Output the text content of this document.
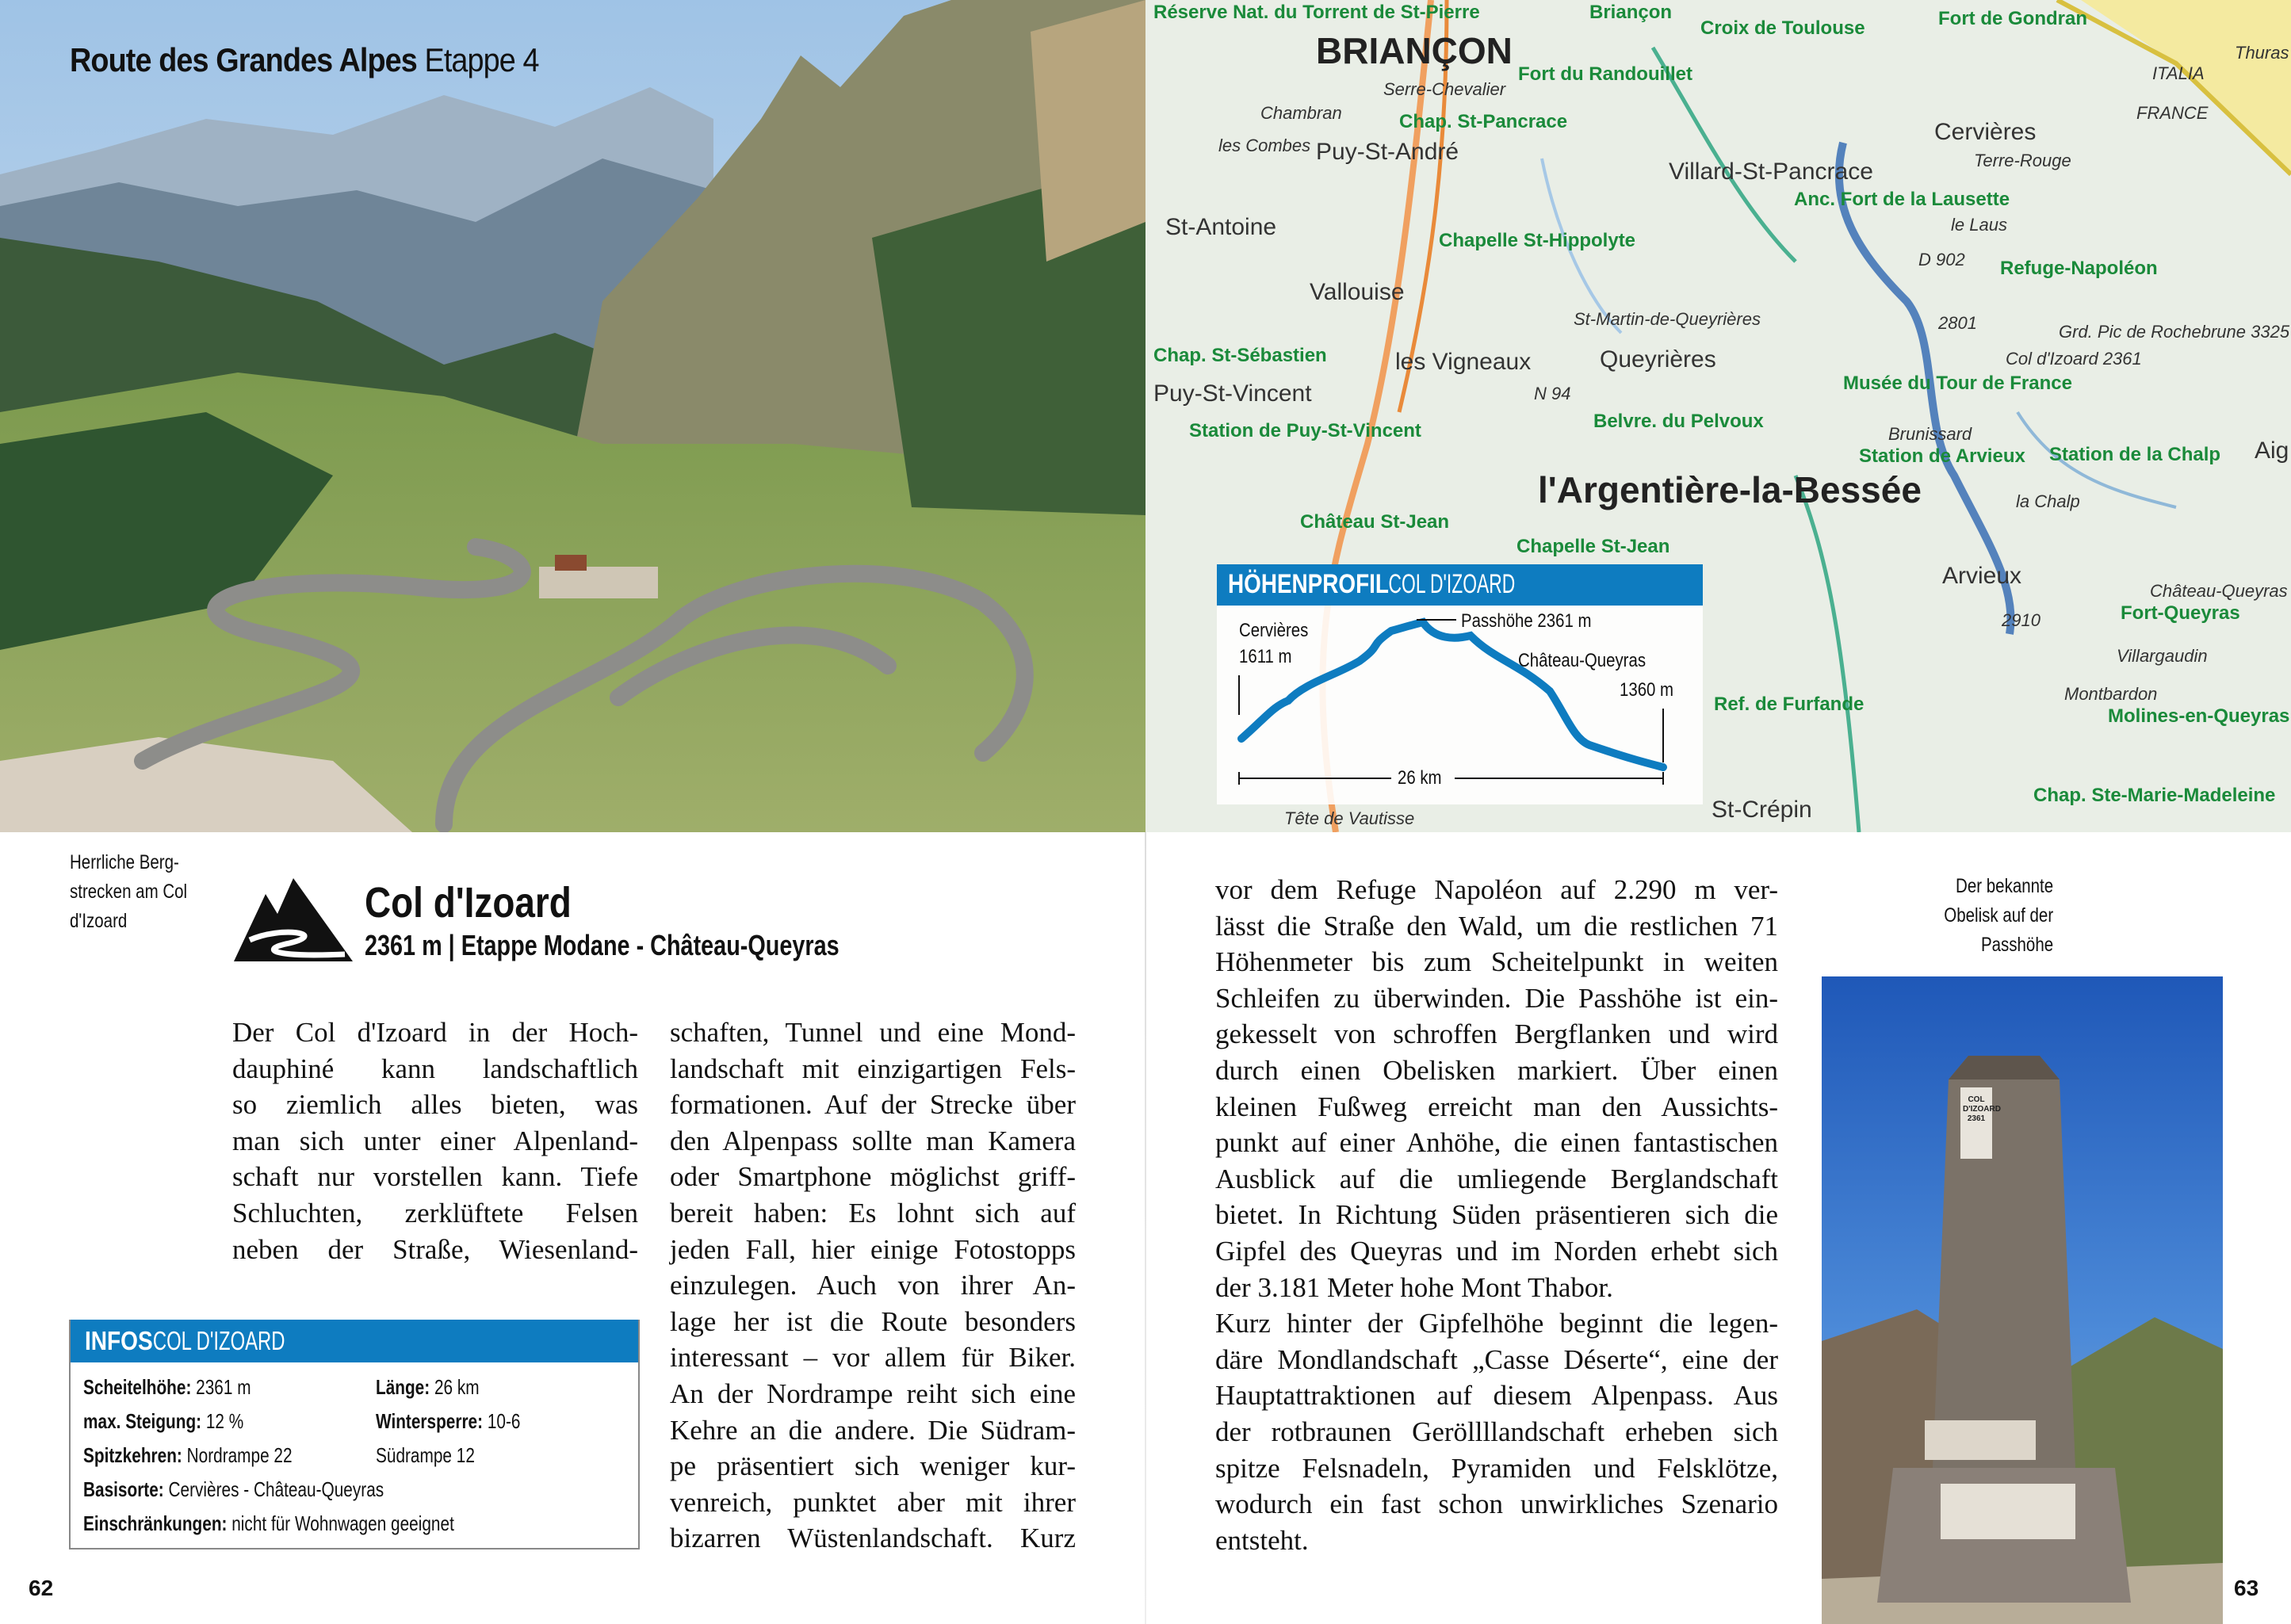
Route des Grandes Alpes Etappe 4	BRIANÇON
Briançon
Serre-Chevalier
Réserve Nat. du Torrent de St-Pierre
Chambran
Puy-St-André
les Combes
Chap. St-Pancrace
Croix de Toulouse
Fort du Randouillet
Fort de Gondran
Cervières
Terre-Rouge
Villard-St-Pancrace
Anc. Fort de la Lausette
St-Antoine
Vallouise
Chapelle St-Hippolyte
St-Martin-de-Queyrières
Queyrières
les Vigneaux
Chap. St-Sébastien
Puy-St-Vincent
Station de Puy-St-Vincent	Belvre. du Pelvoux
l'Argentière-la-Bessée
Château St-Jean
Chapelle St-Jean
Refuge-Napoléon
Col d'Izoard 2361
Musée du Tour de France
Grd. Pic de Rochebrune 3325
Station de la Chalp
Station de Arvieux
Arvieux
Fort-Queyras
Château-Queyras
Molines-en-Queyras
Chap. Ste-Marie-Madeleine
Ref. de Furfande
ITALIA
FRANCE
D 902
N 94
Montbardon
Villargaudin
Brunissard
la Chalp
Thuras
Aig
Tête de Vautisse	St-Crépin
2801
2910
le Laus
HÖHENPROFILCOL D'IZOARD
Cervières
1611 m
Passhöhe 2361 m
Château-Queyras
1360 m
26 km
Herrliche Berg-
strecken am Col
d'Izoard	Col d'Izoard
2361 m | Etappe Modane - Château-Queyras
Der Col d'Izoard in der Hoch-
dauphiné kann landschaftlich
so ziemlich alles bieten, was
man sich unter einer Alpenland-
schaft nur vorstellen kann. Tiefe
Schluchten, zerklüftete Felsen
neben der Straße, Wiesenland-
schaften, Tunnel und eine Mond-
landschaft mit einzigartigen Fels-
formationen. Auf der Strecke über
den Alpenpass sollte man Kamera
oder Smartphone möglichst griff-
bereit haben: Es lohnt sich auf
jeden Fall, hier einige Fotostopps
einzulegen. Auch von ihrer An-
lage her ist die Route besonders
interessant – vor allem für Biker.
An der Nordrampe reiht sich eine
Kehre an die andere. Die Südram-
pe präsentiert sich weniger kur-
venreich, punktet aber mit ihrer
bizarren Wüstenlandschaft. Kurz
INFOSCOL D'IZOARD
Scheitelhöhe: 2361 m	Länge: 26 km
max. Steigung: 12 %	Wintersperre: 10-6
Spitzkehren: Nordrampe 22	Südrampe 12
Basisorte: Cervières - Château-Queyras
Einschränkungen: nicht für Wohnwagen geeignet
62
vor dem Refuge Napoléon auf 2.290 m ver-
lässt die Straße den Wald, um die restlichen 71
Höhenmeter bis zum Scheitelpunkt in weiten
Schleifen zu überwinden. Die Passhöhe ist ein-
gekesselt von schroffen Bergflanken und wird
durch einen Obelisken markiert. Über einen
kleinen Fußweg erreicht man den Aussichts-
punkt auf einer Anhöhe, die einen fantastischen
Ausblick auf die umliegende Berglandschaft
bietet. In Richtung Süden präsentieren sich die
Gipfel des Queyras und im Norden erhebt sich
der 3.181 Meter hohe Mont Thabor.
Kurz hinter der Gipfelhöhe beginnt die legen-
däre Mondlandschaft „Casse Déserte“, eine der
Hauptattraktionen auf diesem Alpenpass. Aus
der rotbraunen Geröllllandschaft erheben sich
spitze Felsnadeln, Pyramiden und Felsklötze,
wodurch ein fast schon unwirkliches Szenario
entsteht.
Der bekannte
Obelisk auf der
Passhöhe
COL D'IZOARD 2361
63
